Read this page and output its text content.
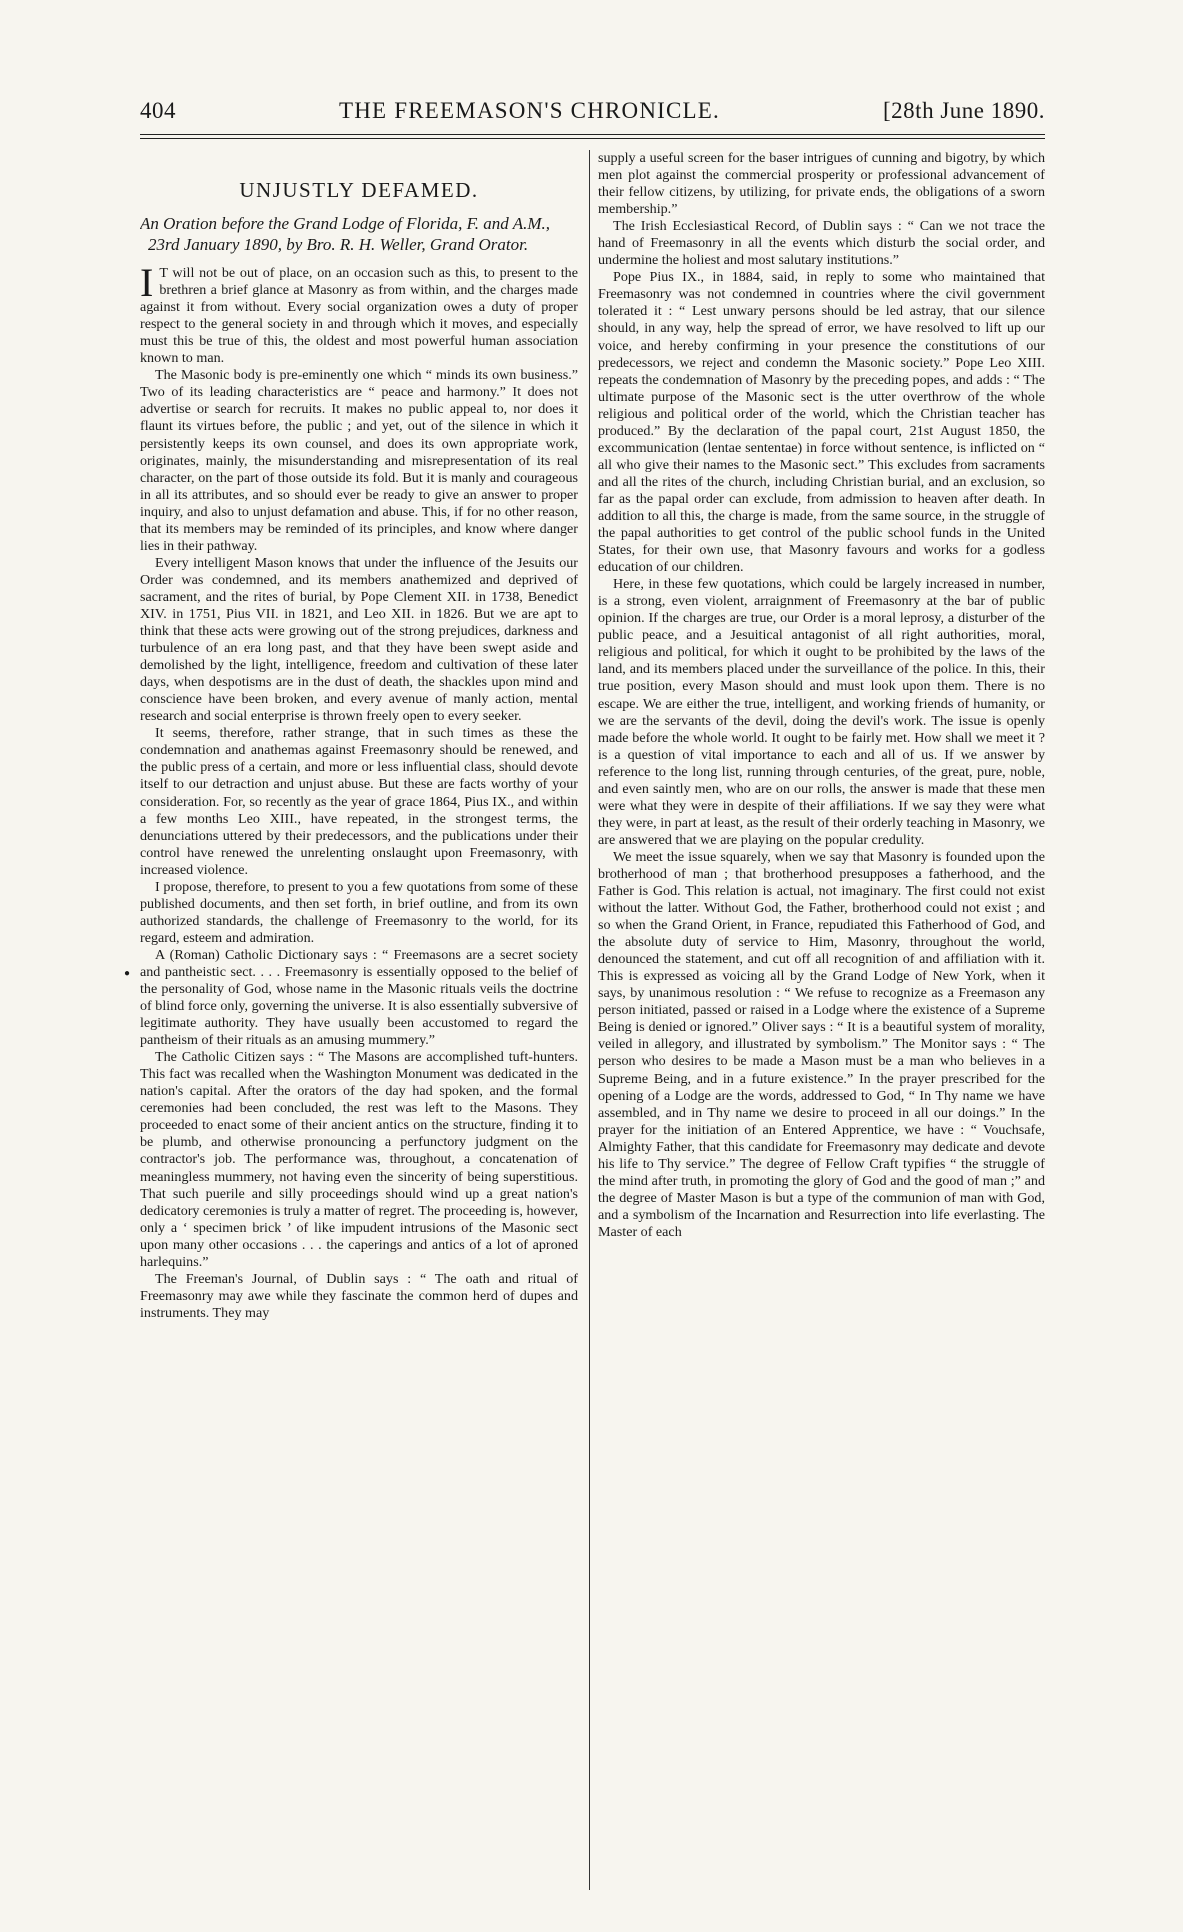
404	THE FREEMASON'S CHRONICLE.	[28th June 1890.
●
UNJUSTLY DEFAMED.
An Oration before the Grand Lodge of Florida, F. and A.M., 23rd January 1890, by Bro. R. H. Weller, Grand Orator.

I T will not be out of place, on an occasion such as this, to present to the brethren a brief glance at Masonry as from within, and the charges made against it from without. Every social organization owes a duty of proper respect to the general society in and through which it moves, and especially must this be true of this, the oldest and most powerful human association known to man.

The Masonic body is pre-eminently one which “ minds its own business.” Two of its leading characteristics are “ peace and harmony.” It does not advertise or search for recruits. It makes no public appeal to, nor does it flaunt its virtues before, the public ; and yet, out of the silence in which it persistently keeps its own counsel, and does its own appropriate work, originates, mainly, the misunderstanding and misrepresentation of its real character, on the part of those outside its fold. But it is manly and courageous in all its attributes, and so should ever be ready to give an answer to proper inquiry, and also to unjust defamation and abuse. This, if for no other reason, that its members may be reminded of its principles, and know where danger lies in their pathway.

Every intelligent Mason knows that under the influence of the Jesuits our Order was condemned, and its members anathemized and deprived of sacrament, and the rites of burial, by Pope Clement XII. in 1738, Benedict XIV. in 1751, Pius VII. in 1821, and Leo XII. in 1826. But we are apt to think that these acts were growing out of the strong prejudices, darkness and turbulence of an era long past, and that they have been swept aside and demolished by the light, intelligence, freedom and cultivation of these later days, when despotisms are in the dust of death, the shackles upon mind and conscience have been broken, and every avenue of manly action, mental research and social enterprise is thrown freely open to every seeker.

It seems, therefore, rather strange, that in such times as these the condemnation and anathemas against Freemasonry should be renewed, and the public press of a certain, and more or less influential class, should devote itself to our detraction and unjust abuse. But these are facts worthy of your consideration. For, so recently as the year of grace 1864, Pius IX., and within a few months Leo XIII., have repeated, in the strongest terms, the denunciations uttered by their predecessors, and the publications under their control have renewed the unrelenting onslaught upon Freemasonry, with increased violence.

I propose, therefore, to present to you a few quotations from some of these published documents, and then set forth, in brief outline, and from its own authorized standards, the challenge of Freemasonry to the world, for its regard, esteem and admiration.

A (Roman) Catholic Dictionary says : “ Freemasons are a secret society and pantheistic sect. . . . Freemasonry is essentially opposed to the belief of the personality of God, whose name in the Masonic rituals veils the doctrine of blind force only, governing the universe. It is also essentially subversive of legitimate authority. They have usually been accustomed to regard the pantheism of their rituals as an amusing mummery.”

The Catholic Citizen says : “ The Masons are accomplished tuft-hunters. This fact was recalled when the Washington Monument was dedicated in the nation's capital. After the orators of the day had spoken, and the formal ceremonies had been concluded, the rest was left to the Masons. They proceeded to enact some of their ancient antics on the structure, finding it to be plumb, and otherwise pronouncing a perfunctory judgment on the contractor's job. The performance was, throughout, a concatenation of meaningless mummery, not having even the sincerity of being superstitious. That such puerile and silly proceedings should wind up a great nation's dedicatory ceremonies is truly a matter of regret. The proceeding is, however, only a ‘ specimen brick ’ of like impudent intrusions of the Masonic sect upon many other occasions . . . the caperings and antics of a lot of aproned harlequins.”

The Freeman's Journal, of Dublin says : “ The oath and ritual of Freemasonry may awe while they fascinate the common herd of dupes and instruments. They may

supply a useful screen for the baser intrigues of cunning and bigotry, by which men plot against the commercial prosperity or professional advancement of their fellow citizens, by utilizing, for private ends, the obligations of a sworn membership.”

The Irish Ecclesiastical Record, of Dublin says : “ Can we not trace the hand of Freemasonry in all the events which disturb the social order, and undermine the holiest and most salutary institutions.”

Pope Pius IX., in 1884, said, in reply to some who maintained that Freemasonry was not condemned in countries where the civil government tolerated it : “ Lest unwary persons should be led astray, that our silence should, in any way, help the spread of error, we have resolved to lift up our voice, and hereby confirming in your presence the constitutions of our predecessors, we reject and condemn the Masonic society.” Pope Leo XIII. repeats the condemnation of Masonry by the preceding popes, and adds : “ The ultimate purpose of the Masonic sect is the utter overthrow of the whole religious and political order of the world, which the Christian teacher has produced.” By the declaration of the papal court, 21st August 1850, the excommunication (lentae sententae) in force without sentence, is inflicted on “ all who give their names to the Masonic sect.” This excludes from sacraments and all the rites of the church, including Christian burial, and an exclusion, so far as the papal order can exclude, from admission to heaven after death. In addition to all this, the charge is made, from the same source, in the struggle of the papal authorities to get control of the public school funds in the United States, for their own use, that Masonry favours and works for a godless education of our children.

Here, in these few quotations, which could be largely increased in number, is a strong, even violent, arraignment of Freemasonry at the bar of public opinion. If the charges are true, our Order is a moral leprosy, a disturber of the public peace, and a Jesuitical antagonist of all right authorities, moral, religious and political, for which it ought to be prohibited by the laws of the land, and its members placed under the surveillance of the police. In this, their true position, every Mason should and must look upon them. There is no escape. We are either the true, intelligent, and working friends of humanity, or we are the servants of the devil, doing the devil's work. The issue is openly made before the whole world. It ought to be fairly met. How shall we meet it ? is a question of vital importance to each and all of us. If we answer by reference to the long list, running through centuries, of the great, pure, noble, and even saintly men, who are on our rolls, the answer is made that these men were what they were in despite of their affiliations. If we say they were what they were, in part at least, as the result of their orderly teaching in Masonry, we are answered that we are playing on the popular credulity.

We meet the issue squarely, when we say that Masonry is founded upon the brotherhood of man ; that brotherhood presupposes a fatherhood, and the Father is God. This relation is actual, not imaginary. The first could not exist without the latter. Without God, the Father, brotherhood could not exist ; and so when the Grand Orient, in France, repudiated this Fatherhood of God, and the absolute duty of service to Him, Masonry, throughout the world, denounced the statement, and cut off all recognition of and affiliation with it. This is expressed as voicing all by the Grand Lodge of New York, when it says, by unanimous resolution : “ We refuse to recognize as a Freemason any person initiated, passed or raised in a Lodge where the existence of a Supreme Being is denied or ignored.” Oliver says : “ It is a beautiful system of morality, veiled in allegory, and illustrated by symbolism.” The Monitor says : “ The person who desires to be made a Mason must be a man who believes in a Supreme Being, and in a future existence.” In the prayer prescribed for the opening of a Lodge are the words, addressed to God, “ In Thy name we have assembled, and in Thy name we desire to proceed in all our doings.” In the prayer for the initiation of an Entered Apprentice, we have : “ Vouchsafe, Almighty Father, that this candidate for Freemasonry may dedicate and devote his life to Thy service.” The degree of Fellow Craft typifies “ the struggle of the mind after truth, in promoting the glory of God and the good of man ;” and the degree of Master Mason is but a type of the communion of man with God, and a symbolism of the Incarnation and Resurrection into life everlasting. The Master of each
